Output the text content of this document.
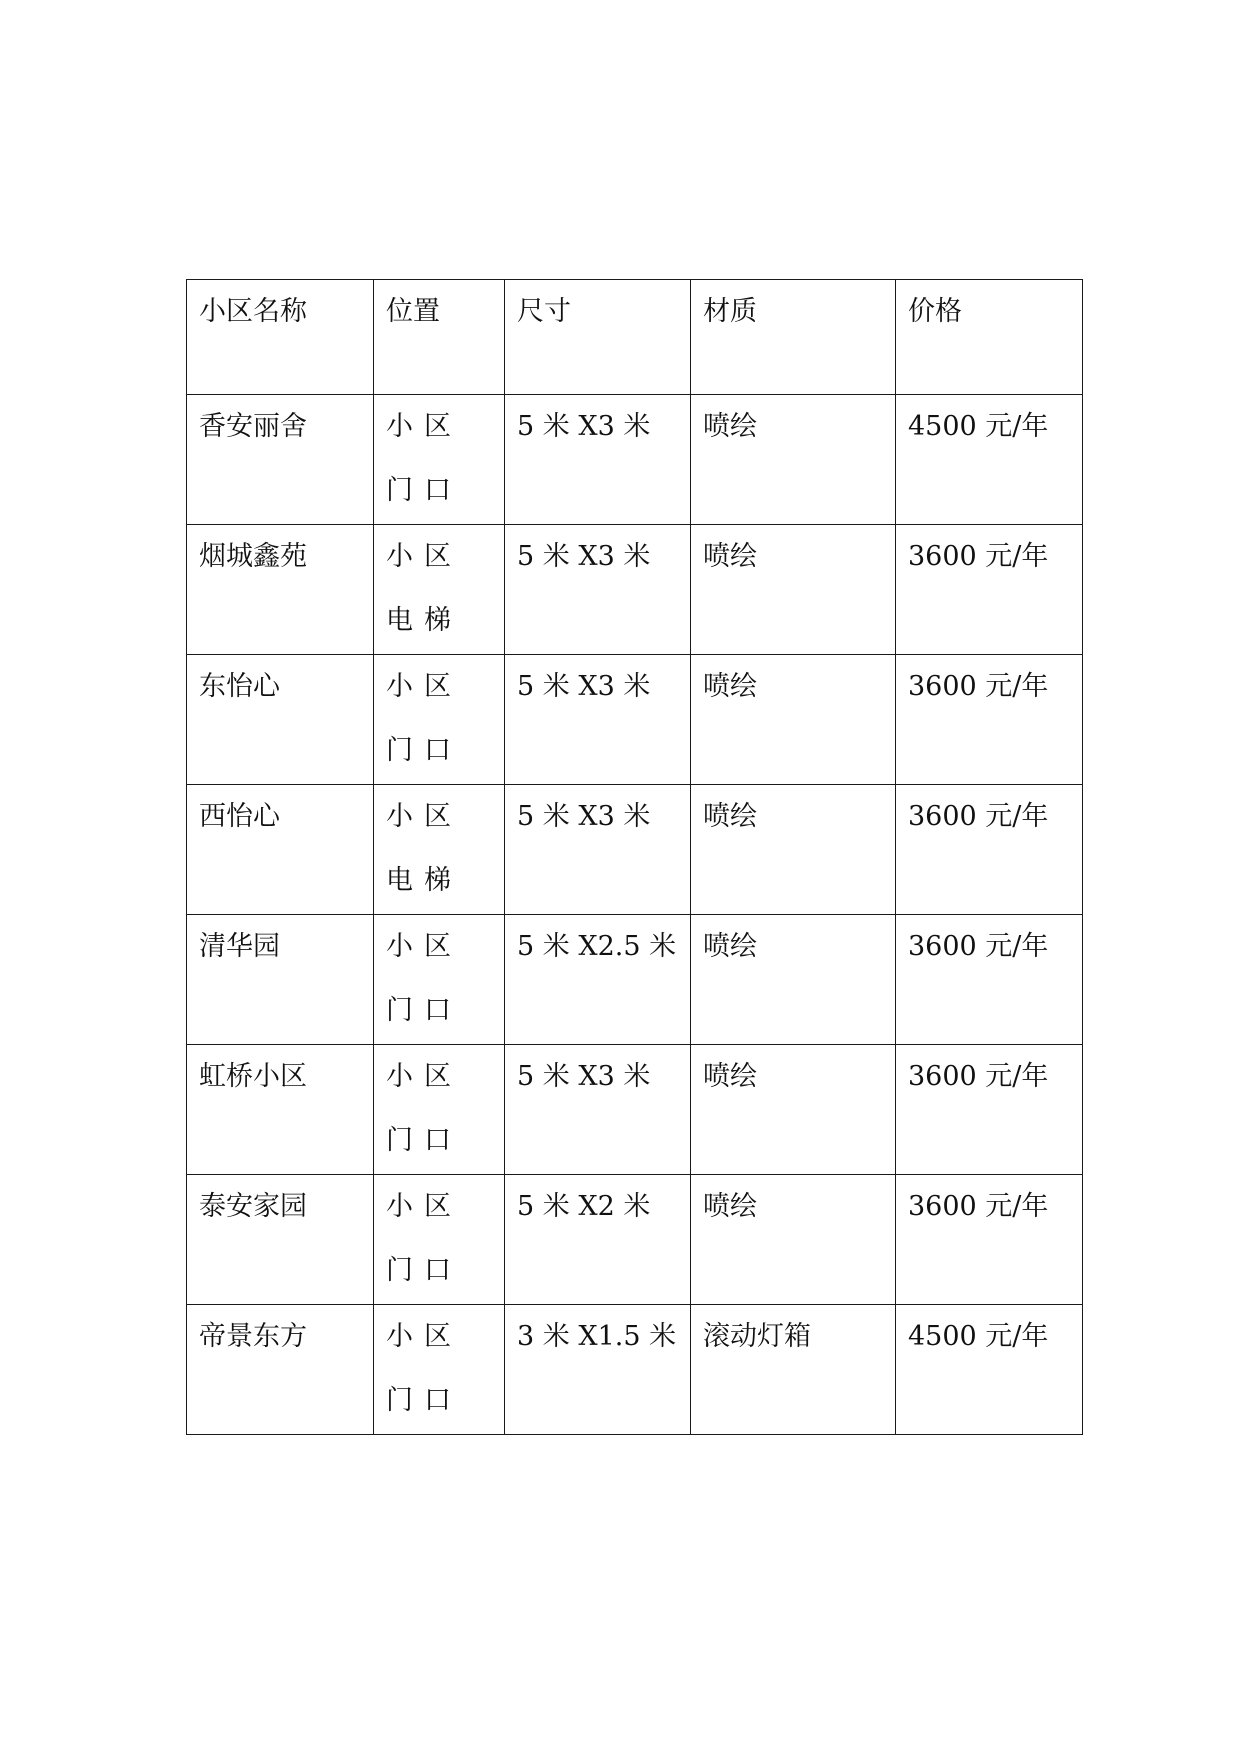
小区名称	位置	尺寸	材质	价格

香安丽舍	小区门口	5 米 X3 米	喷绘	4500 元/年

烟城鑫苑	小区电梯	5 米 X3 米	喷绘	3600 元/年

东怡心	小区门口	5 米 X3 米	喷绘	3600 元/年

西怡心	小区电梯	5 米 X3 米	喷绘	3600 元/年

清华园	小区门口	5 米 X2.5 米	喷绘	3600 元/年

虹桥小区	小区门口	5 米 X3 米	喷绘	3600 元/年

泰安家园	小区门口	5 米 X2 米	喷绘	3600 元/年

帝景东方	小区门口	3 米 X1.5 米	滚动灯箱	4500 元/年
